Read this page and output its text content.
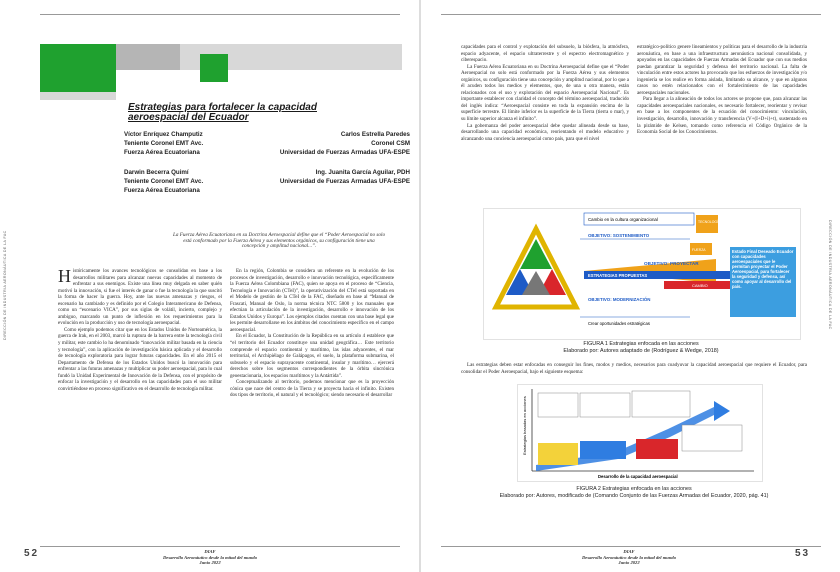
DIRECCIÓN DE INDUSTRIA AERONÁUTICA DE LA FAC
Estrategias para fortalecer la capacidad
aeroespacial del Ecuador
Víctor Enríquez Champutiz
Teniente Coronel EMT Avc.
Fuerza Aérea Ecuatoriana
Carlos Estrella Paredes
Coronel CSM
Universidad de Fuerzas Armadas UFA-ESPE
Darwin Becerra Quimí
Teniente Coronel EMT Avc.
Fuerza Aérea Ecuatoriana
Ing. Juanita García Aguilar, PDH
Universidad de Fuerzas Armadas UFA-ESPE
La Fuerza Aérea Ecuatoriana en su Doctrina Aeroespacial define que el “Poder Aeroespacial no solo está conformado por la Fuerza Aérea y sus elementos orgánicos, su configuración tiene una concepción y amplitud nacional...”.

Históricamente los avances tecnológicos se consolidan en base a los desarrollos militares para alcanzar nuevas capacidades al momento de enfrentar a sus enemigos. Existe una línea muy delgada en saber quién motivó la innovación, si fue el interés de ganar o fue la tecnología la que suscitó la forma de hacer la guerra. Hoy, ante las nuevas amenazas y riesgos, el escenario ha cambiado y es definido por el Colegio Interamericano de Defensa, como un “escenario VICA”, por sus siglas de volátil, incierto, complejo y ambiguo, marcando un punto de inflexión en los requerimientos para la evolución en la producción y uso de tecnología aeroespacial.

Como ejemplo podemos citar que en los Estados Unidos de Norteamérica, la guerra de Irak, en el 2003, marcó la ruptura de la barrera entre la tecnología civil y militar, este cambio lo ha denominado “innovación militar basada en la ciencia y tecnología”, con la aplicación de investigación básica aplicada y el desarrollo de tecnología exploratoria para lograr futuras capacidades. En el año 2015 el Departamento de Defensa de los Estados Unidos buscó la innovación para enfrentar a las futuras amenazas y multiplicar su poder aeroespacial, para lo cual fundó la Unidad Experimental de Innovación de la Defensa, con el propósito de enfocar la investigación y el desarrollo en las capacidades para el uso militar convirtiéndose en proceso significativo en el desarrollo de tecnología militar.

En la región, Colombia se considera un referente en la evolución de los procesos de investigación, desarrollo e innovación tecnológica, específicamente la Fuerza Aérea Colombiana (FAC), quien se apoya en el proceso de “Ciencia, Tecnología e Innovación (CTeI)”, la operativización del CTeI está soportada en el Modelo de gestión de la CTeI de la FAC, diseñado en base al “Manual de Frascati, Manual de Oslo, la norma técnica NTC 5800 y los manuales que efectúan la articulación de la investigación, desarrollo e innovación de los Estados Unidos y Europa”. Los ejemplos citados cuentan con una base legal que les permite desarrollarse en los ámbitos del conocimiento específico en el campo aeroespacial.

En el Ecuador, la Constitución de la República en su artículo 4 establece que “el territorio del Ecuador constituye una unidad geográfica… Este territorio comprende el espacio continental y marítimo, las islas adyacentes, el mar territorial, el Archipiélago de Galápagos, el suelo, la plataforma submarina, el subsuelo y el espacio suprayacente continental, insular y marítimo… ejercerá derechos sobre los segmentos correspondientes de la órbita sincrónica geoestacionaria, los espacios marítimos y la Antártida”.

Conceptualizando al territorio, podemos mencionar que es la proyección cónica que nace del centro de la Tierra y se proyecta hacia el infinito. Existen dos tipos de territorio, el natural y el tecnológico; siendo necesario el desarrollar

52	DIAF
Desarrollo Aeronáutico desde la mitad del mundo
Junio 2022
DIRECCIÓN DE INDUSTRIA AERONÁUTICA DE LA FAC

capacidades para el control y explotación del subsuelo, la biósfera, la atmósfera, espacio adyacente, el espacio ultraterrestre y el espectro electromagnético y ciberespacio.

La Fuerza Aérea Ecuatoriana en su Doctrina Aeroespacial define que el “Poder Aeroespacial no solo está conformado por la Fuerza Aérea y sus elementos orgánicos, su configuración tiene una concepción y amplitud nacional, por lo que a él acuden todos los medios y elementos, que, de una u otra manera, están relacionados con el uso y explotación del espacio Aeroespacial Nacional”. Es importante establecer con claridad el concepto del término aeroespacial, traducido del inglés indica: “Aeroespacial consiste en toda la expansión encima de la superficie terrestre. El límite inferior es la superficie de la Tierra (tierra o mar), y su límite superior alcanza el infinito”.

La gobernanza del poder aeroespacial debe quedar alineada desde su base, desarrollando una capacidad económica, reorientando el modelo educativo y alcanzando una conciencia aeroespacial como país, para que el nivel

estratégico-político genere lineamientos y políticas para el desarrollo de la industria aeronáutica, en base a una infraestructura aeronáutica nacional consolidada, y apoyados en las capacidades de Fuerzas Armadas del Ecuador que con sus medios puedan garantizar la seguridad y defensa del territorio nacional. La falta de vinculación entre estos actores ha provocado que los esfuerzos de investigación y/o ingeniería se los realice en forma aislada, limitando su alcance, y que en algunos casos no estén relacionados con el fortalecimiento de las capacidades aeroespaciales nacionales.

Para llegar a la alineación de todos los actores se propone que, para alcanzar las capacidades aeroespaciales nacionales, es necesario fortalecer, reorientar y revisar en base a los componentes de la ecuación del conocimiento: vinculación, investigación, desarrollo, innovación y transferencia (V+(I+D+i)+t), sustentado en la pirámide de Kelsen, tomando como referencia el Código Orgánico de la Economía Social de los Conocimientos.

Cambio en la cultura organizacional
OBJETIVO: SOSTENIMIENTO
ESTRATEGIAS PROPUESTAS
CAMBIO
OBJETIVO: PROYECTAR
TECNOLOGÍA DE PUNTA
FUERZA
OBJETIVO: MODERNIZACIÓN
Crear oportunidades estratégicas
Estado Final Deseado Ecuador con capacidades aeroespaciales que le permitan proyectar el Poder Aeroespacial, para fortalecer la seguridad y defensa, así como apoyar al desarrollo del país.
FIGURA 1 Estrategias enfocada en las acciones
Elaborado por: Autores adaptado de (Rodríguez & Wedge, 2018)

Las estrategias deben estar enfocadas en conseguir los fines, modos y medios, necesarios para coadyuvar la capacidad aeroespacial que requiere el Ecuador, para consolidar el Poder Aeroespacial, bajo el siguiente esquema:

Estrategias basadas en acciones
Desarrollo de la capacidad aeroespacial
FIGURA 2 Estrategias enfocada en las acciones
Elaborado por: Autores, modificado de (Comando Conjunto de las Fuerzas Armadas del Ecuador, 2020, pág. 41)
DIAF
Desarrollo Aeronáutico desde la mitad del mundo
Junio 2022
53
